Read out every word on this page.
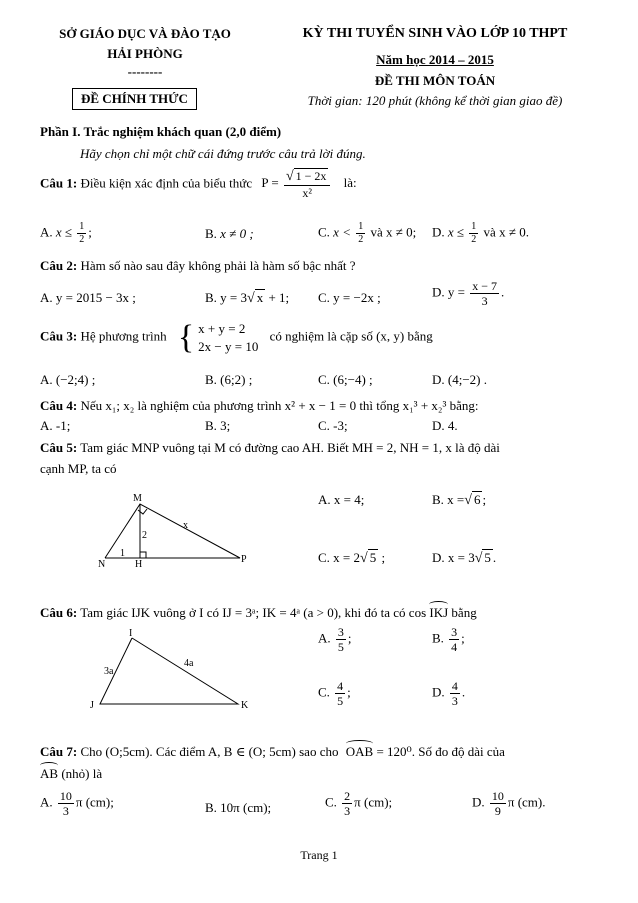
SỞ GIÁO DỤC VÀ ĐÀO TẠO
HẢI PHÒNG
--------
ĐỀ CHÍNH THỨC
KỲ THI TUYỂN SINH VÀO LỚP 10 THPT
Năm học 2014 – 2015
ĐỀ THI MÔN TOÁN
Thời gian: 120 phút (không kể thời gian giao đề)
Phần I. Trắc nghiệm khách quan (2,0 điểm)
Hãy chọn chỉ một chữ cái đứng trước câu trả lời đúng.
Câu 1: Điều kiện xác định của biểu thức $P = \frac{√ 1 - 2x}{\text{x²}}$ là:
A. $x \le \frac{1}{2}$ ;	B. x ≠ 0 ;	C. $x < \frac{1}{2}$ và x ≠ 0; D. $x \le \frac{1}{2}$ và x ≠ 0.
Câu 2: Hàm số nào sau đây không phải là hàm số bậc nhất ?
A. y = 2015 − 3x ;	B. y = 3√ x + 1; C. y = −2x ;	D. $y = \frac{x - 7}{3}$ .
Câu 3: Hệ phương trình { x + y = 2
2x − y = 10
có nghiệm là cặp số (x, y) bằng
A. (−2;4) ;	B. (6;2) ;	C. (6;−4) ;	D. (4;−2) .
Câu 4: Nếu x₁; x₂ là nghiệm của phương trình x² + x − 1 = 0 thì tổng x₁³ + x₂³ bằng:
A. -1;	B. 3;	C. -3;	D. 4.
Câu 5: Tam giác MNP vuông tại M có đường cao AH. Biết MH = 2, NH = 1, x là độ dài
cạnh MP, ta có
M
N	H	P
x
2
1
A. x = 4;	B. x =√ 6 ;
C. x = 2√ 5 ;	D. x = 3√ 5 .
Câu 6: Tam giác IJK vuông ở I có IJ = 3ᵃ; IK = 4ᵃ (a > 0), khi đó ta có cos IKJ bằng
I
J	K
3a
4a
A. $\frac{3}{5}$ ;	B. $\frac{3}{4}$ ;
C. $\frac{4}{5}$ ;	D. $\frac{4}{3}$ .
Câu 7: Cho (O;5cm). Các điểm A, B ∈ (O; 5cm) sao cho OAB = 120⁰. Số đo độ dài của
AB (nhỏ) là
A. $\frac{10}{3}$ π (cm);	B. 10π (cm);	C. $\frac{2}{3}$ π (cm);	D. $\frac{10}{9}$ π (cm).
Trang 1
